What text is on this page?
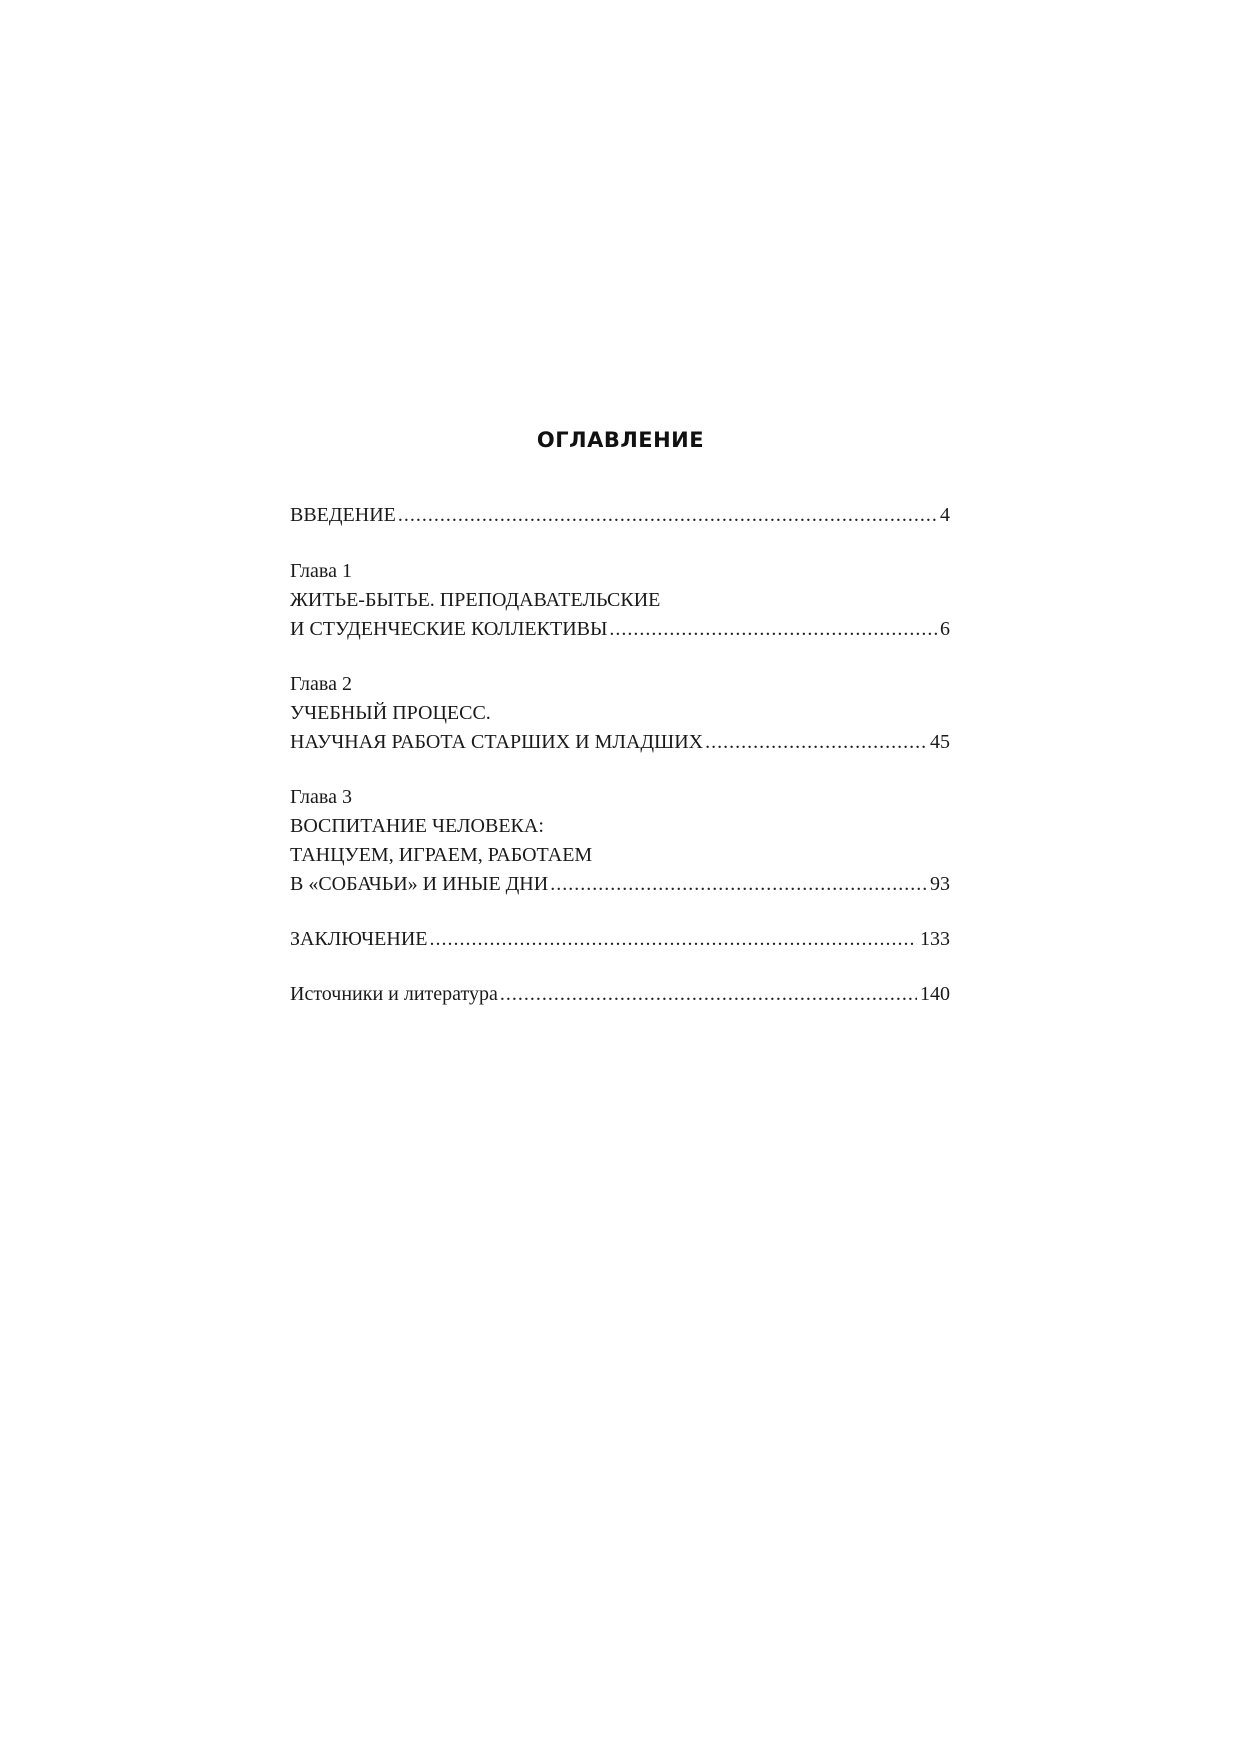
ОГЛАВЛЕНИЕ
ВВЕДЕНИЕ .....	4
Глава 1
ЖИТЬЕ-БЫТЬЕ. ПРЕПОДАВАТЕЛЬСКИЕ
И СТУДЕНЧЕСКИЕ КОЛЛЕКТИВЫ .....	6
Глава 2
УЧЕБНЫЙ ПРОЦЕСС.
НАУЧНАЯ РАБОТА СТАРШИХ И МЛАДШИХ .....	45
Глава 3
ВОСПИТАНИЕ ЧЕЛОВЕКА:
ТАНЦУЕМ, ИГРАЕМ, РАБОТАЕМ
В «СОБАЧЬИ» И ИНЫЕ ДНИ .....	93
ЗАКЛЮЧЕНИЕ .....	133
Источники и литература .....	140
